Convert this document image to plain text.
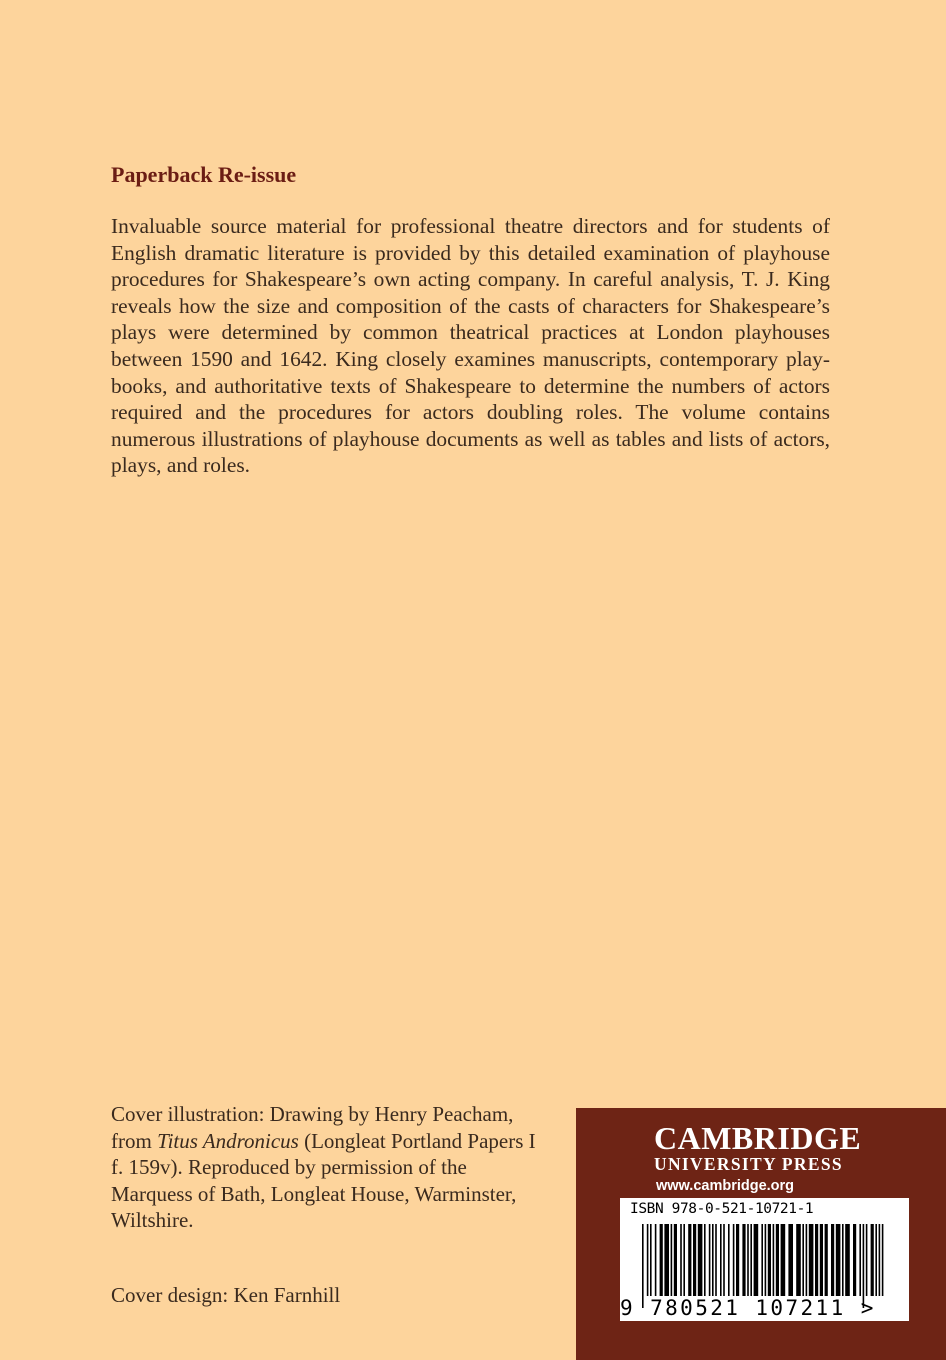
Paperback Re-issue

Invaluable source material for professional theatre directors and for students of English dramatic literature is provided by this detailed examination of playhouse procedures for Shakespeare’s own acting company. In careful analysis, T. J. King reveals how the size and composition of the casts of characters for Shakespeare’s plays were determined by common theatrical practices at London playhouses between 1590 and 1642. King closely examines manuscripts, contemporary play-books, and authoritative texts of Shakespeare to determine the numbers of actors required and the procedures for actors doubling roles. The volume contains numerous illustrations of playhouse documents as well as tables and lists of actors, plays, and roles.

Cover illustration: Drawing by Henry Peacham, from Titus Andronicus (Longleat Portland Papers I f. 159v). Reproduced by permission of the Marquess of Bath, Longleat House, Warminster, Wiltshire.

Cover design: Ken Farnhill

CAMBRIDGE
UNIVERSITY PRESS
www.cambridge.org
ISBN 978-0-521-10721-1
9 780521 107211 >
